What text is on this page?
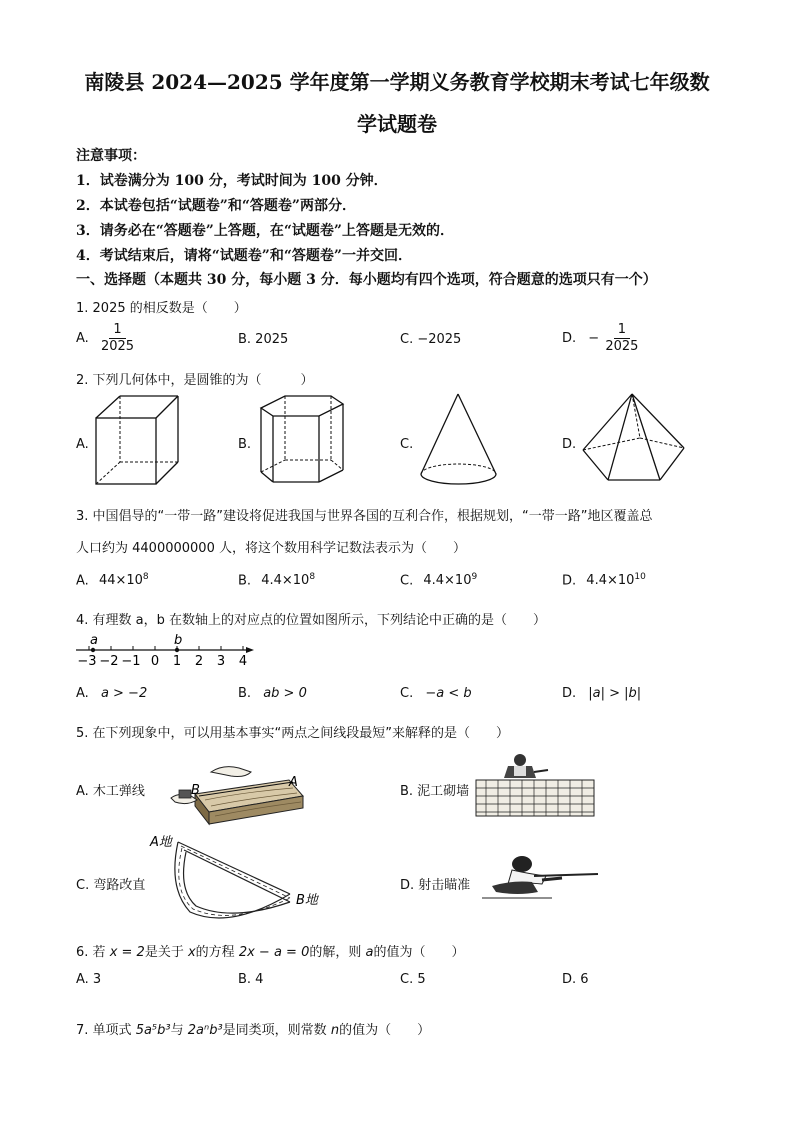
南陵县 2024—2025 学年度第一学期义务教育学校期末考试七年级数
学试题卷
注意事项：
1．试卷满分为 100 分，考试时间为 100 分钟．
2．本试卷包括“试题卷”和“答题卷”两部分．
3．请务必在“答题卷”上答题，在“试题卷”上答题是无效的．
4．考试结束后，请将“试题卷”和“答题卷”一并交回．
一、选择题（本题共 30 分，每小题 3 分．每小题均有四个选项，符合题意的选项只有一个）
1. 2025 的相反数是（　　）
A. $\frac{1}{2025}$	B. 2025	C. −2025	D. − $\frac{1}{2025}$
2. 下列几何体中，是圆锥的为（　　　）
A.	B.	C.	D.
3. 中国倡导的“一带一路”建设将促进我国与世界各国的互利合作，根据规划，“一带一路”地区覆盖总
人口约为 4400000000 人，将这个数用科学记数法表示为（　　）
A. $44\times 10^8$	B. $4.4\times 10^8$	C. $4.4\times 10^9$	D. $4.4\times 10^{10}$
4. 有理数 a，b 在数轴上的对应点的位置如图所示，下列结论中正确的是（　　）
a	b
−3 −2 −1 0 1 2 3 4
A. a > −2	B. ab > 0	C. −a < b	D. |a| > |b|
5. 在下列现象中，可以用基本事实“两点之间线段最短”来解释的是（　　）
A. 木工弹线	B. 泥工砌墙
C. 弯路改直	D. 射击瞄准
B
A
A地
B地
6. 若 x = 2是关于 x的方程 2x − a = 0的解，则 a的值为（　　）
A. 3	B. 4	C. 5	D. 6
7. 单项式 5a⁵b³与 2aⁿb³是同类项，则常数 n的值为（　　）
